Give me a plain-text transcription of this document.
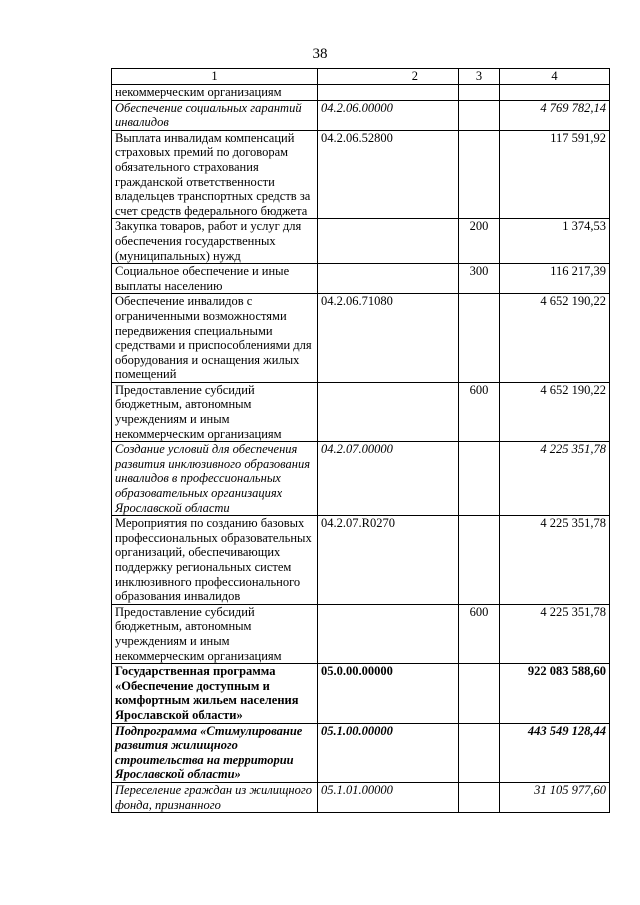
38
1	2	3	4
некоммерческим организациям			
Обеспечение социальных гарантий инвалидов	04.2.06.00000		4 769 782,14
Выплата инвалидам компенсаций страховых премий по договорам обязательного страхования гражданской ответственности владельцев транспортных средств за счет средств федерального бюджета	04.2.06.52800		117 591,92
Закупка товаров, работ и услуг для обеспечения государственных (муниципальных) нужд		200	1 374,53
Социальное обеспечение и иные выплаты населению		300	116 217,39
Обеспечение инвалидов с ограниченными возможностями передвижения специальными средствами и приспособлениями для оборудования и оснащения жилых помещений	04.2.06.71080		4 652 190,22
Предоставление субсидий бюджетным, автономным учреждениям и иным некоммерческим организациям		600	4 652 190,22
Создание условий для обеспечения развития инклюзивного образования инвалидов в профессиональных образовательных организациях Ярославской области	04.2.07.00000		4 225 351,78
Мероприятия по созданию базовых профессиональных образовательных организаций, обеспечивающих поддержку региональных систем инклюзивного профессионального образования инвалидов	04.2.07.R0270		4 225 351,78
Предоставление субсидий бюджетным, автономным учреждениям и иным некоммерческим организациям		600	4 225 351,78
Государственная программа «Обеспечение доступным и комфортным жильем населения Ярославской области»	05.0.00.00000		922 083 588,60
Подпрограмма «Стимулирование развития жилищного строительства на территории Ярославской области»	05.1.00.00000		443 549 128,44
Переселение граждан из жилищного фонда, признанного	05.1.01.00000		31 105 977,60
